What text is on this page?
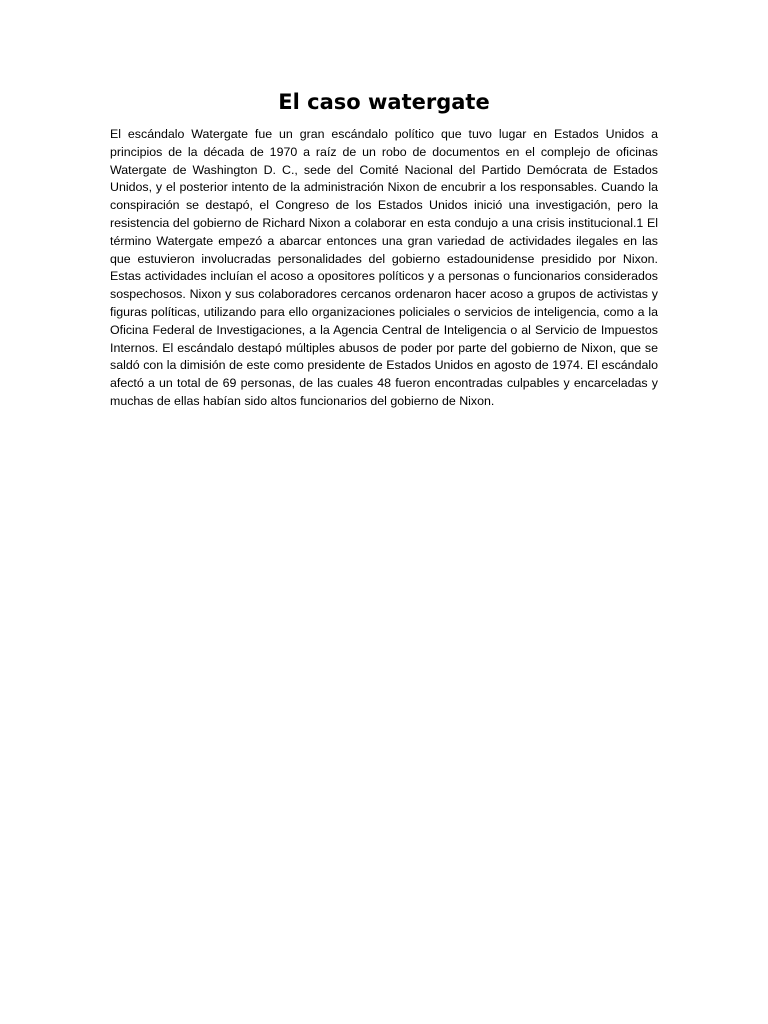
El caso watergate

El escándalo Watergate fue un gran escándalo político que tuvo lugar en Estados Unidos a principios de la década de 1970 a raíz de un robo de documentos en el complejo de oficinas Watergate de Washington D. C., sede del Comité Nacional del Partido Demócrata de Estados Unidos, y el posterior intento de la administración Nixon de encubrir a los responsables. Cuando la conspiración se destapó, el Congreso de los Estados Unidos inició una investigación, pero la resistencia del gobierno de Richard Nixon a colaborar en esta condujo a una crisis institucional.1 El término Watergate empezó a abarcar entonces una gran variedad de actividades ilegales en las que estuvieron involucradas personalidades del gobierno estadounidense presidido por Nixon. Estas actividades incluían el acoso a opositores políticos y a personas o funcionarios considerados sospechosos. Nixon y sus colaboradores cercanos ordenaron hacer acoso a grupos de activistas y figuras políticas, utilizando para ello organizaciones policiales o servicios de inteligencia, como a la Oficina Federal de Investigaciones, a la Agencia Central de Inteligencia o al Servicio de Impuestos Internos. El escándalo destapó múltiples abusos de poder por parte del gobierno de Nixon, que se saldó con la dimisión de este como presidente de Estados Unidos en agosto de 1974. El escándalo afectó a un total de 69 personas, de las cuales 48 fueron encontradas culpables y encarceladas y muchas de ellas habían sido altos funcionarios del gobierno de Nixon.
